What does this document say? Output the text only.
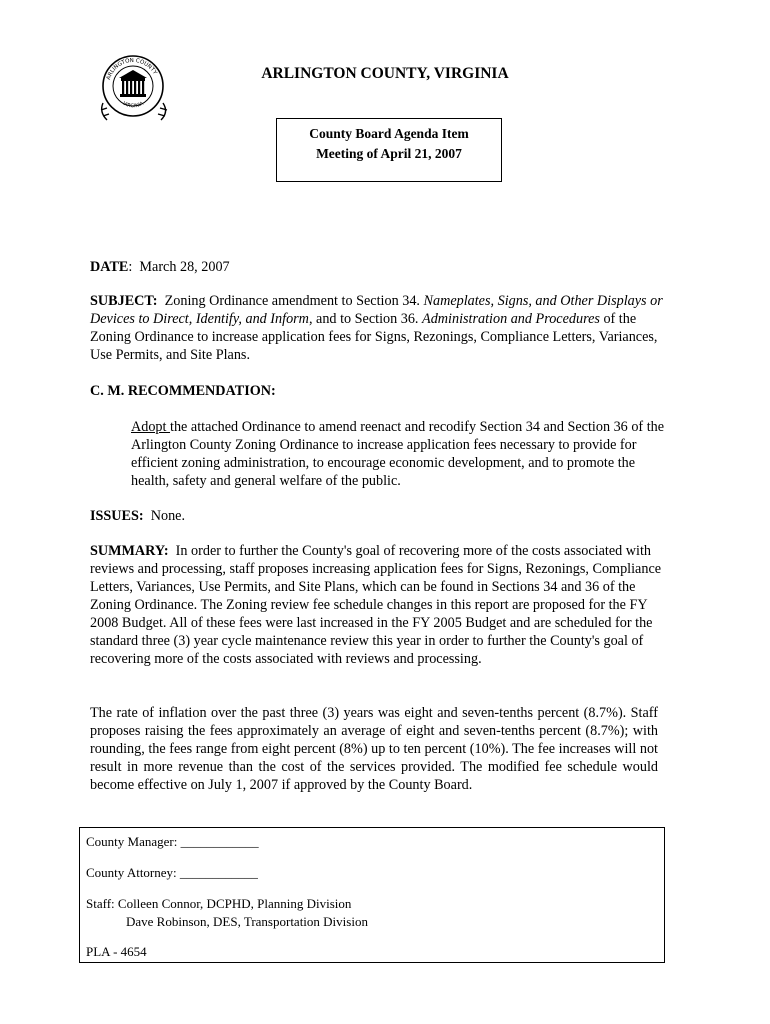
ARLINGTON COUNTY
VIRGINIA
ARLINGTON COUNTY, VIRGINIA
County Board Agenda Item
Meeting of April 21, 2007
DATE:  March 28, 2007
SUBJECT: Zoning Ordinance amendment to Section 34. Nameplates, Signs, and Other Displays or Devices to Direct, Identify, and Inform, and to Section 36. Administration and Procedures of the Zoning Ordinance to increase application fees for Signs, Rezonings, Compliance Letters, Variances, Use Permits, and Site Plans.
C. M. RECOMMENDATION:
Adopt the attached Ordinance to amend reenact and recodify Section 34 and Section 36 of the Arlington County Zoning Ordinance to increase application fees necessary to provide for efficient zoning administration, to encourage economic development, and to promote the health, safety and general welfare of the public.
ISSUES: None.
SUMMARY: In order to further the County's goal of recovering more of the costs associated with reviews and processing, staff proposes increasing application fees for Signs, Rezonings, Compliance Letters, Variances, Use Permits, and Site Plans, which can be found in Sections 34 and 36 of the Zoning Ordinance. The Zoning review fee schedule changes in this report are proposed for the FY 2008 Budget. All of these fees were last increased in the FY 2005 Budget and are scheduled for the standard three (3) year cycle maintenance review this year in order to further the County's goal of recovering more of the costs associated with reviews and processing.
The rate of inflation over the past three (3) years was eight and seven-tenths percent (8.7%). Staff proposes raising the fees approximately an average of eight and seven-tenths percent (8.7%); with rounding, the fees range from eight percent (8%) up to ten percent (10%). The fee increases will not result in more revenue than the cost of the services provided. The modified fee schedule would become effective on July 1, 2007 if approved by the County Board.
County Manager: ____________
County Attorney: ____________
Staff: Colleen Connor, DCPHD, Planning Division
Dave Robinson, DES, Transportation Division
PLA - 4654
